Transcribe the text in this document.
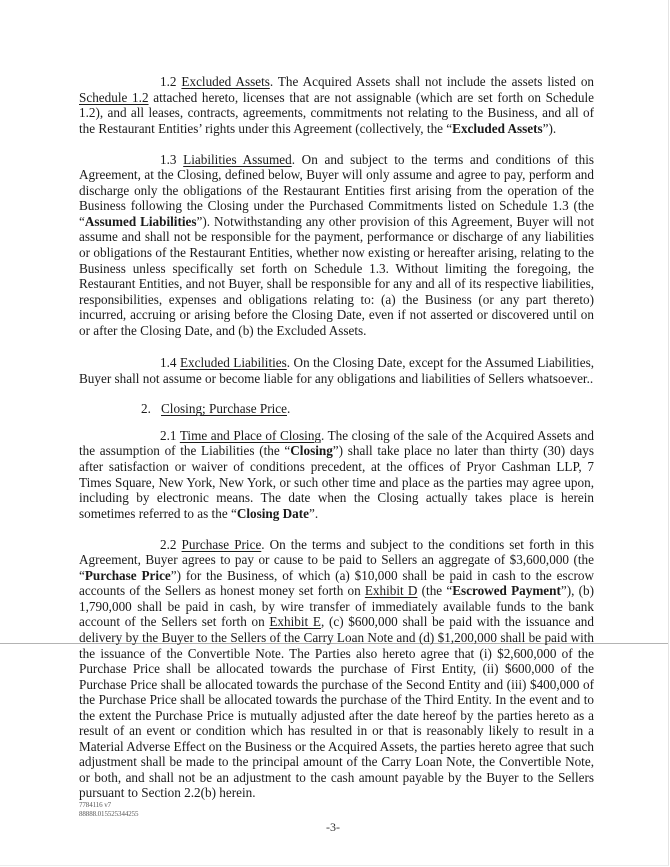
1.2 Excluded Assets. The Acquired Assets shall not include the assets listed on Schedule 1.2 attached hereto, licenses that are not assignable (which are set forth on Schedule 1.2), and all leases, contracts, agreements, commitments not relating to the Business, and all of the Restaurant Entities’ rights under this Agreement (collectively, the “Excluded Assets”).

1.3 Liabilities Assumed. On and subject to the terms and conditions of this Agreement, at the Closing, defined below, Buyer will only assume and agree to pay, perform and discharge only the obligations of the Restaurant Entities first arising from the operation of the Business following the Closing under the Purchased Commitments listed on Schedule 1.3 (the “Assumed Liabilities”). Notwithstanding any other provision of this Agreement, Buyer will not assume and shall not be responsible for the payment, performance or discharge of any liabilities or obligations of the Restaurant Entities, whether now existing or hereafter arising, relating to the Business unless specifically set forth on Schedule 1.3. Without limiting the foregoing, the Restaurant Entities, and not Buyer, shall be responsible for any and all of its respective liabilities, responsibilities, expenses and obligations relating to: (a) the Business (or any part thereto) incurred, accruing or arising before the Closing Date, even if not asserted or discovered until on or after the Closing Date, and (b) the Excluded Assets.

1.4 Excluded Liabilities. On the Closing Date, except for the Assumed Liabilities, Buyer shall not assume or become liable for any obligations and liabilities of Sellers whatsoever..

2. Closing; Purchase Price.

2.1 Time and Place of Closing. The closing of the sale of the Acquired Assets and the assumption of the Liabilities (the “Closing”) shall take place no later than thirty (30) days after satisfaction or waiver of conditions precedent, at the offices of Pryor Cashman LLP, 7 Times Square, New York, New York, or such other time and place as the parties may agree upon, including by electronic means. The date when the Closing actually takes place is herein sometimes referred to as the “Closing Date”.

2.2 Purchase Price. On the terms and subject to the conditions set forth in this Agreement, Buyer agrees to pay or cause to be paid to Sellers an aggregate of $3,600,000 (the “Purchase Price”) for the Business, of which (a) $10,000 shall be paid in cash to the escrow accounts of the Sellers as honest money set forth on Exhibit D (the “Escrowed Payment”), (b) 1,790,000 shall be paid in cash, by wire transfer of immediately available funds to the bank account of the Sellers set forth on Exhibit E, (c) $600,000 shall be paid with the issuance and delivery by the Buyer to the Sellers of the Carry Loan Note and (d) $1,200,000 shall be paid with the issuance of the Convertible Note. The Parties also hereto agree that (i) $2,600,000 of the Purchase Price shall be allocated towards the purchase of First Entity, (ii) $600,000 of the Purchase Price shall be allocated towards the purchase of the Second Entity and (iii) $400,000 of the Purchase Price shall be allocated towards the purchase of the Third Entity. In the event and to the extent the Purchase Price is mutually adjusted after the date hereof by the parties hereto as a result of an event or condition which has resulted in or that is reasonably likely to result in a Material Adverse Effect on the Business or the Acquired Assets, the parties hereto agree that such adjustment shall be made to the principal amount of the Carry Loan Note, the Convertible Note, or both, and shall not be an adjustment to the cash amount payable by the Buyer to the Sellers pursuant to Section 2.2(b) herein.

7784116 v7
88888.015525344255
-3-
